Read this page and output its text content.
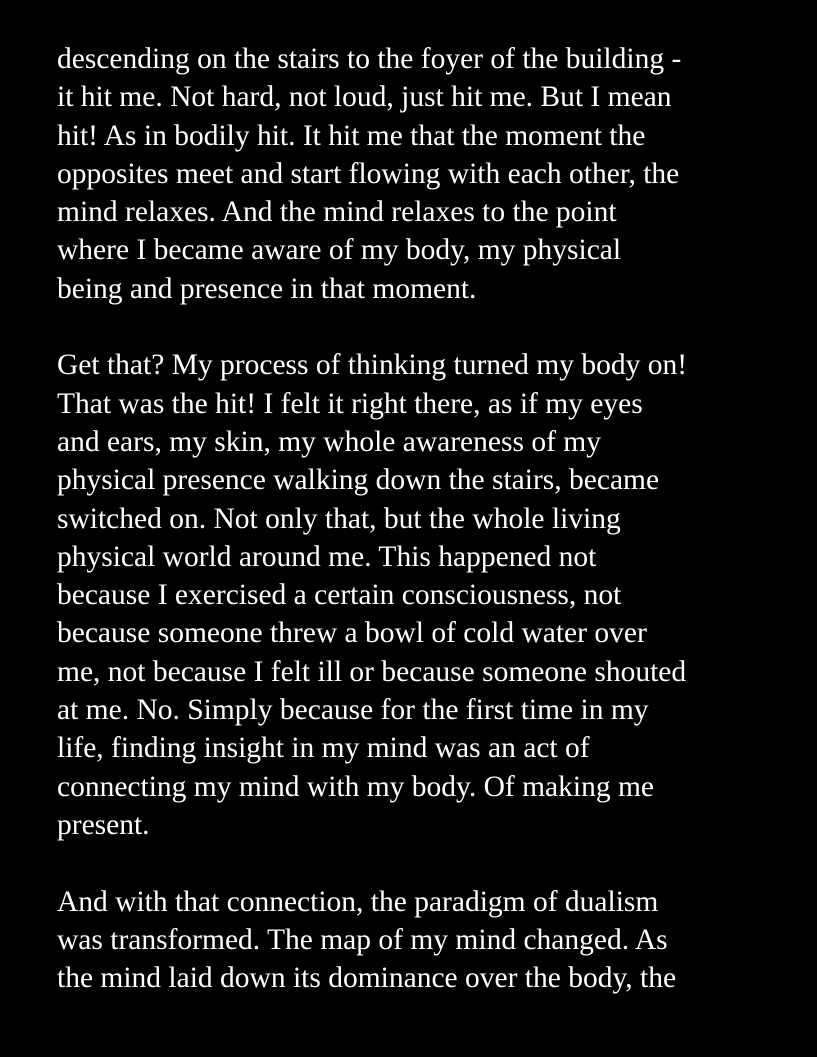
descending on the stairs to the foyer of the building -
it hit me. Not hard, not loud, just hit me. But I mean
hit! As in bodily hit. It hit me that the moment the
opposites meet and start flowing with each other, the
mind relaxes. And the mind relaxes to the point
where I became aware of my body, my physical
being and presence in that moment.
Get that? My process of thinking turned my body on!
That was the hit! I felt it right there, as if my eyes
and ears, my skin, my whole awareness of my
physical presence walking down the stairs, became
switched on. Not only that, but the whole living
physical world around me. This happened not
because I exercised a certain consciousness, not
because someone threw a bowl of cold water over
me, not because I felt ill or because someone shouted
at me. No. Simply because for the first time in my
life, finding insight in my mind was an act of
connecting my mind with my body. Of making me
present.
And with that connection, the paradigm of dualism
was transformed. The map of my mind changed. As
the mind laid down its dominance over the body, the
